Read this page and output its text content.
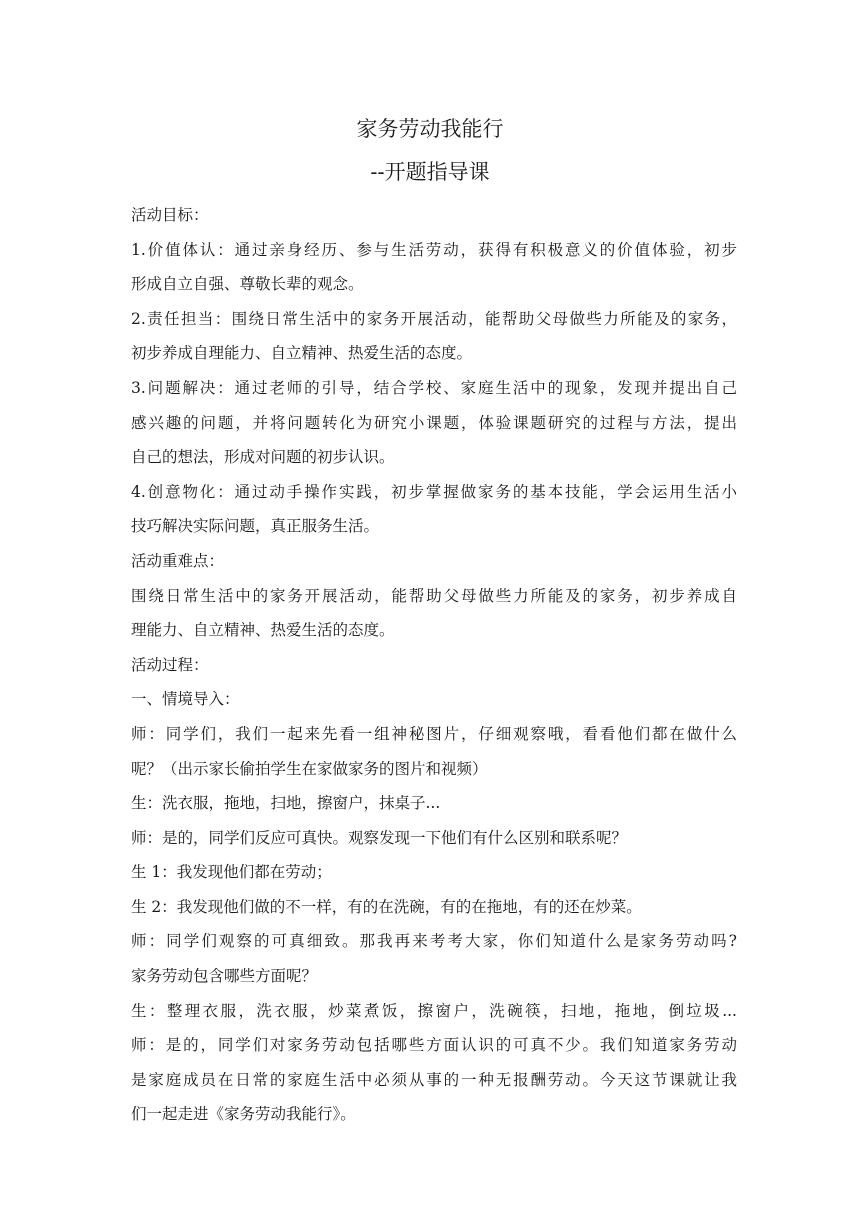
家务劳动我能行
--开题指导课
活动目标：
1.价值体认：通过亲身经历、参与生活劳动，获得有积极意义的价值体验，初步
形成自立自强、尊敬长辈的观念。
2.责任担当：围绕日常生活中的家务开展活动，能帮助父母做些力所能及的家务，
初步养成自理能力、自立精神、热爱生活的态度。
3.问题解决：通过老师的引导，结合学校、家庭生活中的现象，发现并提出自己
感兴趣的问题，并将问题转化为研究小课题，体验课题研究的过程与方法，提出
自己的想法，形成对问题的初步认识。
4.创意物化：通过动手操作实践，初步掌握做家务的基本技能，学会运用生活小
技巧解决实际问题，真正服务生活。
活动重难点：
围绕日常生活中的家务开展活动，能帮助父母做些力所能及的家务，初步养成自
理能力、自立精神、热爱生活的态度。
活动过程：
一、情境导入：
师：同学们，我们一起来先看一组神秘图片，仔细观察哦，看看他们都在做什么
呢？（出示家长偷拍学生在家做家务的图片和视频）
生：洗衣服，拖地，扫地，擦窗户，抹桌子...
师：是的，同学们反应可真快。观察发现一下他们有什么区别和联系呢？
生 1：我发现他们都在劳动；
生 2：我发现他们做的不一样，有的在洗碗，有的在拖地，有的还在炒菜。
师：同学们观察的可真细致。那我再来考考大家，你们知道什么是家务劳动吗?
家务劳动包含哪些方面呢？
生：整理衣服，洗衣服，炒菜煮饭，擦窗户，洗碗筷，扫地，拖地，倒垃圾...
师：是的，同学们对家务劳动包括哪些方面认识的可真不少。我们知道家务劳动
是家庭成员在日常的家庭生活中必须从事的一种无报酬劳动。今天这节课就让我
们一起走进《家务劳动我能行》。
